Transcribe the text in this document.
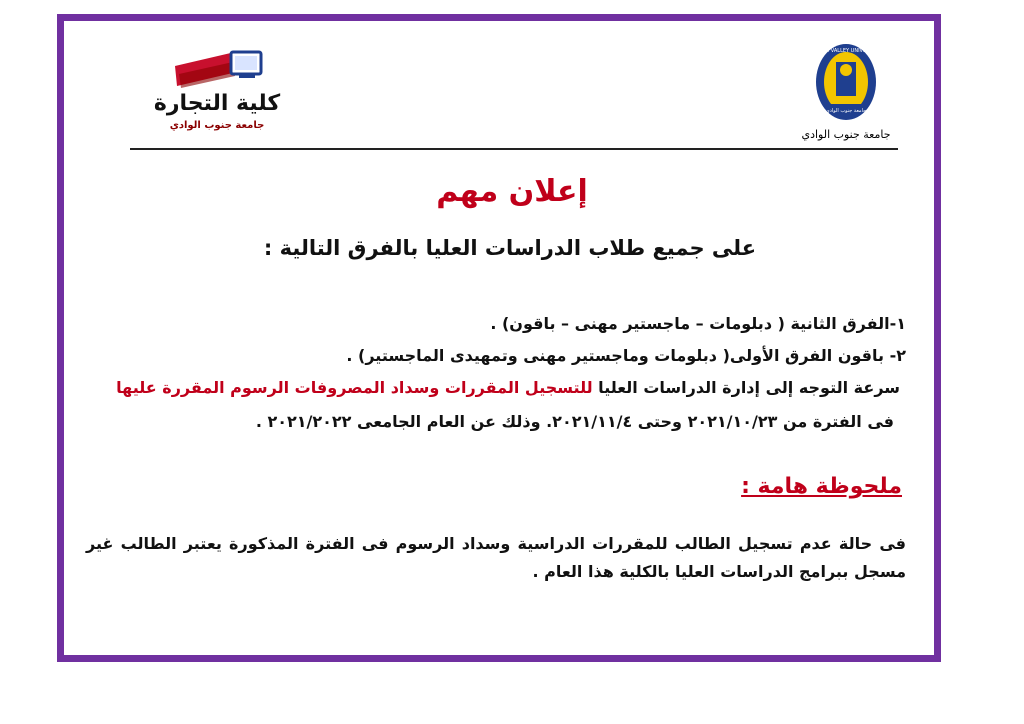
كلية التجارة
جامعة جنوب الوادي
SOUTH VALLEY UNIVERSITY
جامعة جنوب الوادي
جامعة جنوب الوادي
إعلان مهم
على جميع طلاب الدراسات العليا بالفرق التالية :
١-الفرق الثانية ( دبلومات – ماجستير مهنى – باقون) .
٢- باقون الفرق الأولى( دبلومات وماجستير مهنى وتمهيدى الماجستير) .
سرعة التوجه إلى إدارة الدراسات العليا للتسجيل المقررات وسداد المصروفات الرسوم المقررة عليها
فى الفترة من ٢٠٢١/١٠/٢٣ وحتى ٢٠٢١/١١/٤. وذلك عن العام الجامعى ٢٠٢١/٢٠٢٢ .
ملحوظة هامة :
فى حالة عدم تسجيل الطالب للمقررات الدراسية وسداد الرسوم فى الفترة المذكورة يعتبر الطالب غير مسجل ببرامج الدراسات العليا بالكلية هذا العام .
